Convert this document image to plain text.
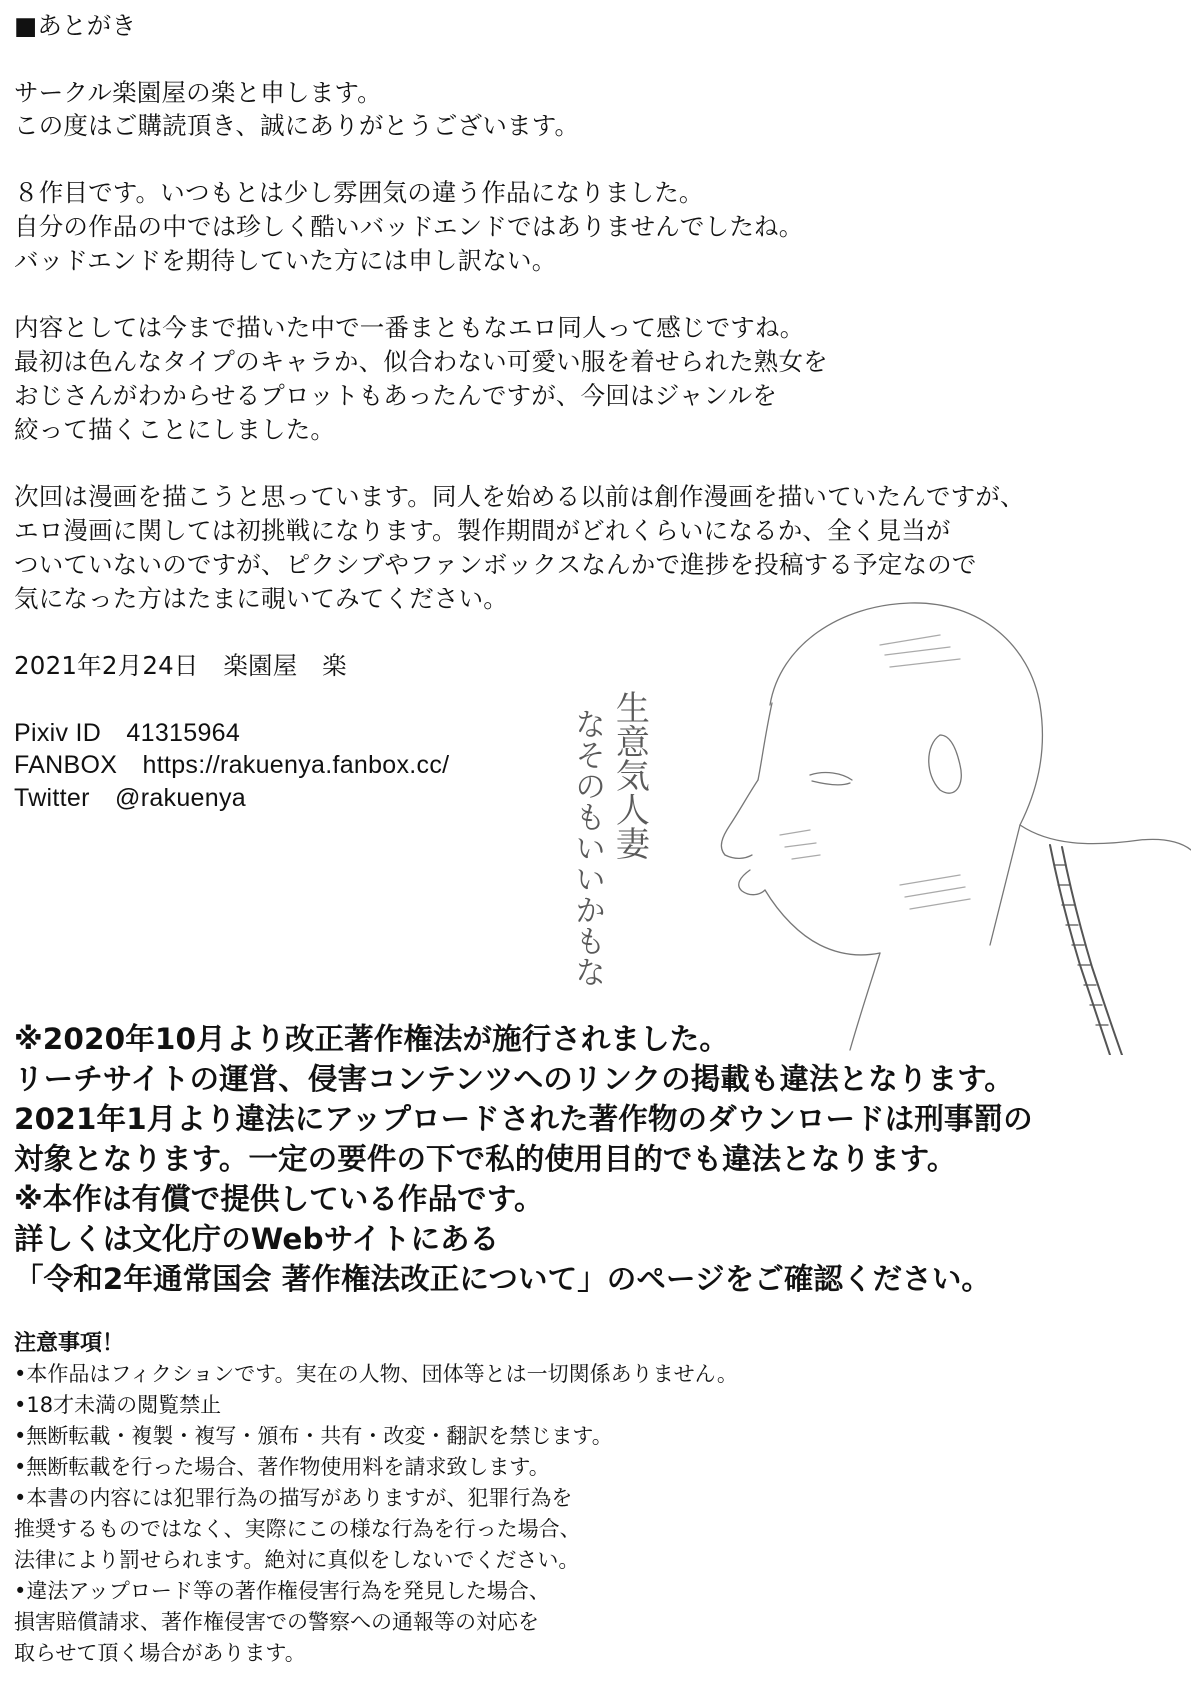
■あとがき
サークル楽園屋の楽と申します。
この度はご購読頂き、誠にありがとうございます。
８作目です。いつもとは少し雰囲気の違う作品になりました。
自分の作品の中では珍しく酷いバッドエンドではありませんでしたね。
バッドエンドを期待していた方には申し訳ない。
内容としては今まで描いた中で一番まともなエロ同人って感じですね。
最初は色んなタイプのキャラか、似合わない可愛い服を着せられた熟女を
おじさんがわからせるプロットもあったんですが、今回はジャンルを
絞って描くことにしました。
次回は漫画を描こうと思っています。同人を始める以前は創作漫画を描いていたんですが、
エロ漫画に関しては初挑戦になります。製作期間がどれくらいになるか、全く見当が
ついていないのですが、ピクシブやファンボックスなんかで進捗を投稿する予定なので
気になった方はたまに覗いてみてください。
2021年2月24日　楽園屋　楽
Pixiv ID　41315964
FANBOX　https://rakuenya.fanbox.cc/
Twitter　@rakuenya	生意気人妻
なそのもいいかもな
※2020年10月より改正著作権法が施行されました。
リーチサイトの運営、侵害コンテンツへのリンクの掲載も違法となります。
2021年1月より違法にアップロードされた著作物のダウンロードは刑事罰の
対象となります。一定の要件の下で私的使用目的でも違法となります。
※本作は有償で提供している作品です。
詳しくは文化庁のWebサイトにある
「令和2年通常国会 著作権法改正について」のページをご確認ください。
注意事項！
•本作品はフィクションです。実在の人物、団体等とは一切関係ありません。
•18才未満の閲覧禁止
•無断転載・複製・複写・頒布・共有・改変・翻訳を禁じます。
•無断転載を行った場合、著作物使用料を請求致します。
•本書の内容には犯罪行為の描写がありますが、犯罪行為を
推奨するものではなく、実際にこの様な行為を行った場合、
法律により罰せられます。絶対に真似をしないでください。
•違法アップロード等の著作権侵害行為を発見した場合、
損害賠償請求、著作権侵害での警察への通報等の対応を
取らせて頂く場合があります。
